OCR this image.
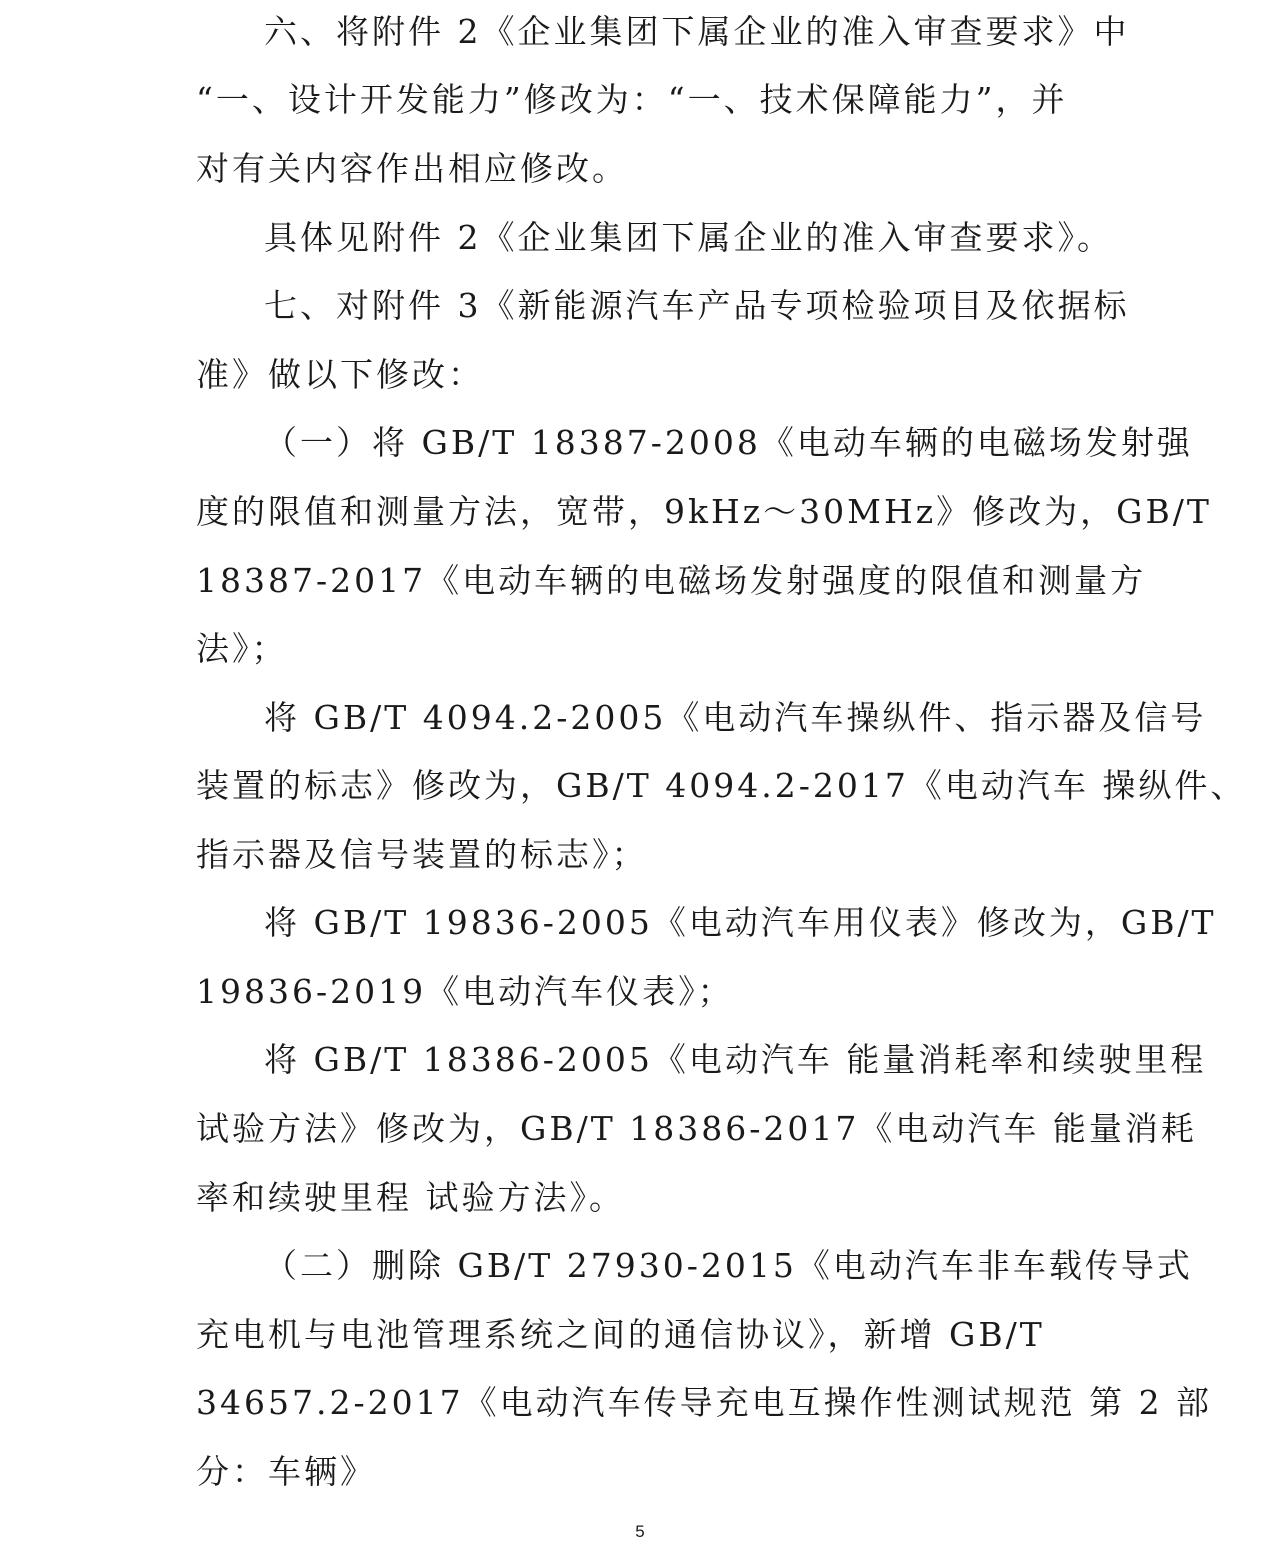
六、将附件 2《企业集团下属企业的准入审查要求》中
“一、设计开发能力”修改为：“一、技术保障能力”，并
对有关内容作出相应修改。
具体见附件 2《企业集团下属企业的准入审查要求》。
七、对附件 3《新能源汽车产品专项检验项目及依据标
准》做以下修改：
（一）将 GB/T 18387-2008《电动车辆的电磁场发射强
度的限值和测量方法，宽带，9kHz～30MHz》修改为，GB/T
18387-2017《电动车辆的电磁场发射强度的限值和测量方
法》；
将 GB/T 4094.2-2005《电动汽车操纵件、指示器及信号
装置的标志》修改为，GB/T 4094.2-2017《电动汽车 操纵件、
指示器及信号装置的标志》；
将 GB/T 19836-2005《电动汽车用仪表》修改为，GB/T
19836-2019《电动汽车仪表》；
将 GB/T 18386-2005《电动汽车 能量消耗率和续驶里程
试验方法》修改为，GB/T 18386-2017《电动汽车 能量消耗
率和续驶里程 试验方法》。
（二）删除 GB/T 27930-2015《电动汽车非车载传导式
充电机与电池管理系统之间的通信协议》，新增 GB/T
34657.2-2017《电动汽车传导充电互操作性测试规范 第 2 部
分：车辆》
5
